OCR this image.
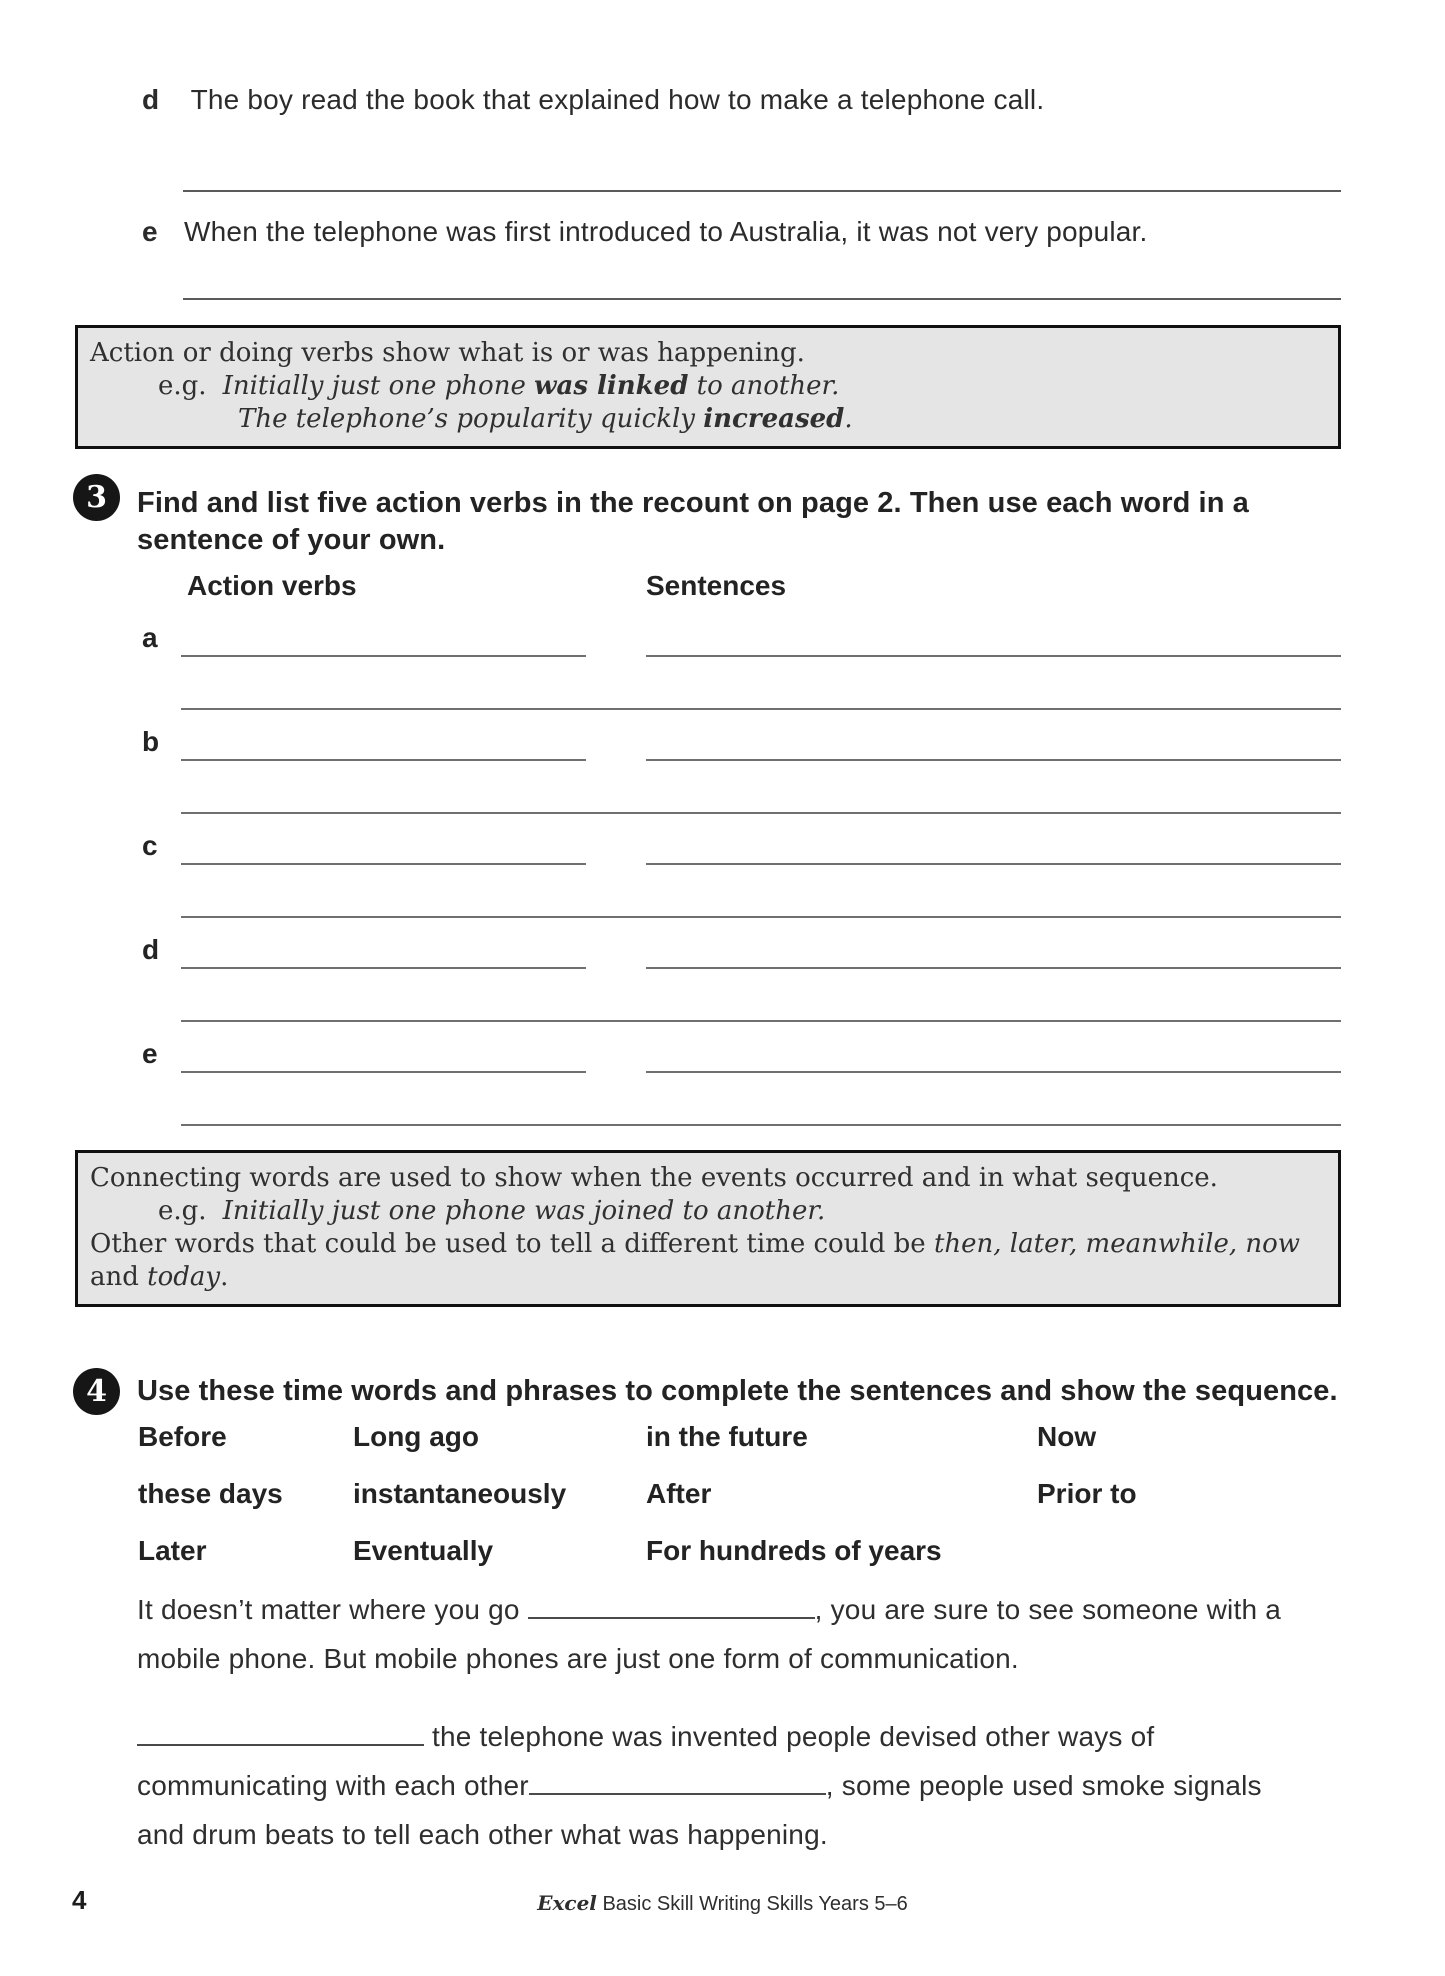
d The boy read the book that explained how to make a telephone call.
e When the telephone was first introduced to Australia, it was not very popular.
Action or doing verbs show what is or was happening.
e.g. Initially just one phone was linked to another.
The telephone’s popularity quickly increased.
3 Find and list five action verbs in the recount on page 2. Then use each word in a
sentence of your own.
Action verbs	Sentences
a
b
c
d
e
Connecting words are used to show when the events occurred and in what sequence.
e.g. Initially just one phone was joined to another.
Other words that could be used to tell a different time could be then, later, meanwhile, now
and today.
4 Use these time words and phrases to complete the sentences and show the sequence.
Before	Long ago	in the future	Now
these days	instantaneously	After	Prior to
Later	Eventually	For hundreds of years
It doesn’t matter where you go	, you are sure to see someone with a
mobile phone. But mobile phones are just one form of communication.
the telephone was invented people devised other ways of
communicating with each other	, some people used smoke signals
and drum beats to tell each other what was happening.
4	Excel Basic Skill Writing Skills Years 5–6
